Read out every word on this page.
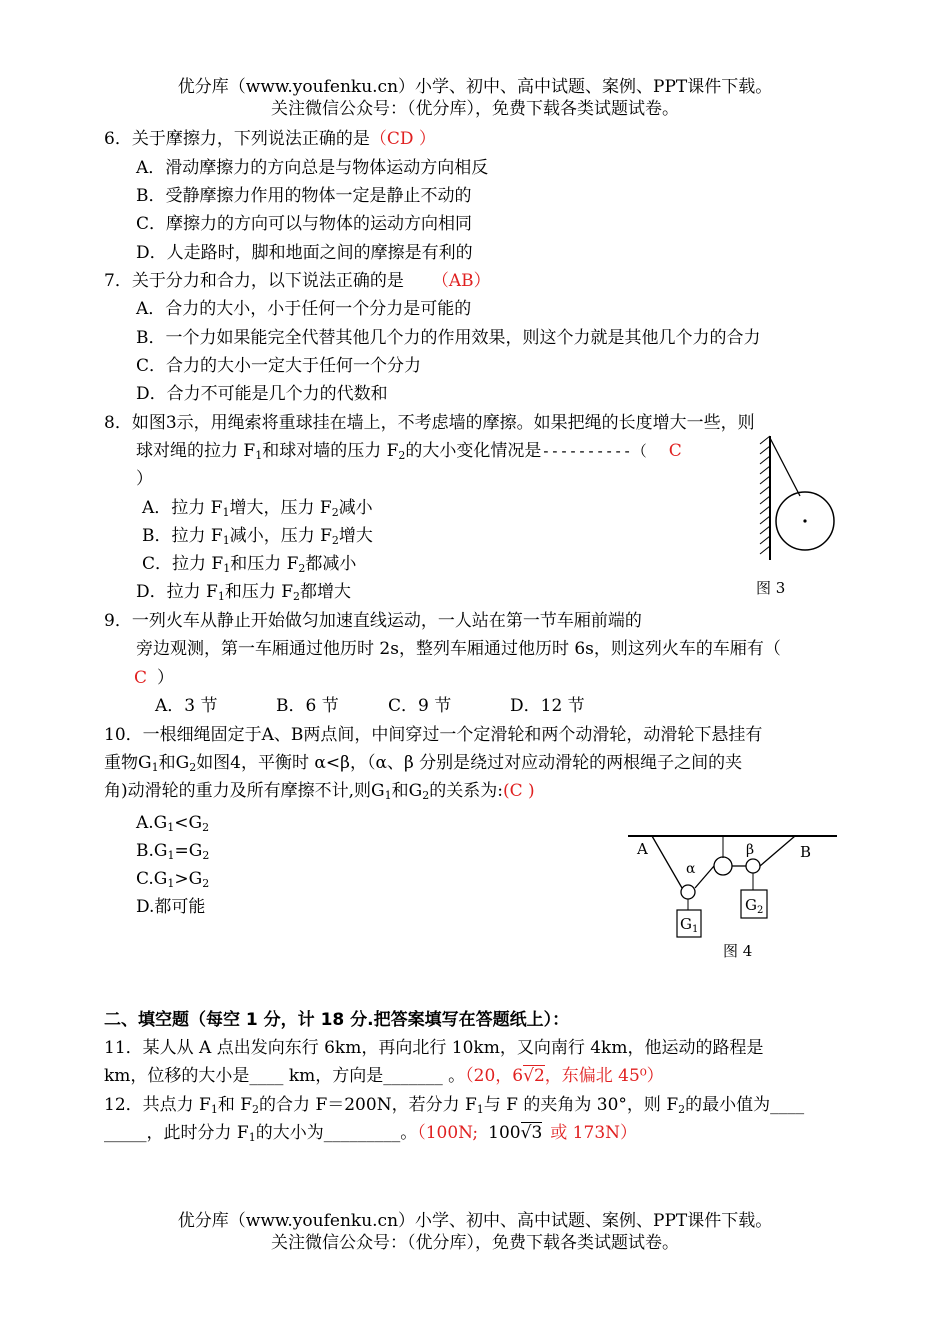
优分库（www.youfenku.cn）小学、初中、高中试题、案例、PPT课件下载。
关注微信公众号：（优分库），免费下载各类试题试卷。
6．关于摩擦力，下列说法正确的是（CD ）
A．滑动摩擦力的方向总是与物体运动方向相反
B．受静摩擦力作用的物体一定是静止不动的
C．摩擦力的方向可以与物体的运动方向相同
D．人走路时，脚和地面之间的摩擦是有利的
7．关于分力和合力，以下说法正确的是 （AB）
A．合力的大小，小于任何一个分力是可能的
B．一个力如果能完全代替其他几个力的作用效果，则这个力就是其他几个力的合力
C．合力的大小一定大于任何一个分力
D．合力不可能是几个力的代数和
8．如图3示，用绳索将重球挂在墙上，不考虑墙的摩擦。如果把绳的长度增大一些，则
球对绳的拉力 $F_1$和球对墙的压力 $F_2$的大小变化情况是----------（ C
）
A．拉力 $F_1$增大，压力 $F_2$减小
B．拉力 $F_1$减小，压力 $F_2$增大
C．拉力 $F_1$和压力 $F_2$都减小
D．拉力 $F_1$和压力 $F_2$都增大	图 3
9．一列火车从静止开始做匀加速直线运动，一人站在第一节车厢前端的
旁边观测，第一车厢通过他历时 2s，整列车厢通过他历时 6s，则这列火车的车厢有（
C ）
A．3 节	B．6 节	C．9 节	D．12 节
10．一根细绳固定于A、B两点间，中间穿过一个定滑轮和两个动滑轮，动滑轮下悬挂有
重物$G_1$和$G_2$如图4，平衡时 α<β，（α、β 分别是绕过对应动滑轮的两根绳子之间的夹
角)动滑轮的重力及所有摩擦不计,则$G_1$和$G_2$的关系为:(C )
$A.G_1<G_2$
$B.G_1=G_2$
$C.G_1>G_2$
D.都可能
A	B
α
β
$G_1$
$G_2$
图 4
二、填空题（每空 1 分，计 18 分.把答案填写在答题纸上）：
11．某人从 A 点出发向东行 6km，再向北行 10km，又向南行 4km，他运动的路程是
km，位移的大小是____ km，方向是_______ 。（20，6√2，东偏北 45⁰）
12．共点力 $F_1$和 $F_2$的合力 F＝200N，若分力 $F_1$与 F 的夹角为 30°，则 $F_2$的最小值为____
_____，此时分力 $F_1$的大小为_________。（100N; 100√3 或 173N）
优分库（www.youfenku.cn）小学、初中、高中试题、案例、PPT课件下载。
关注微信公众号：（优分库），免费下载各类试题试卷。
